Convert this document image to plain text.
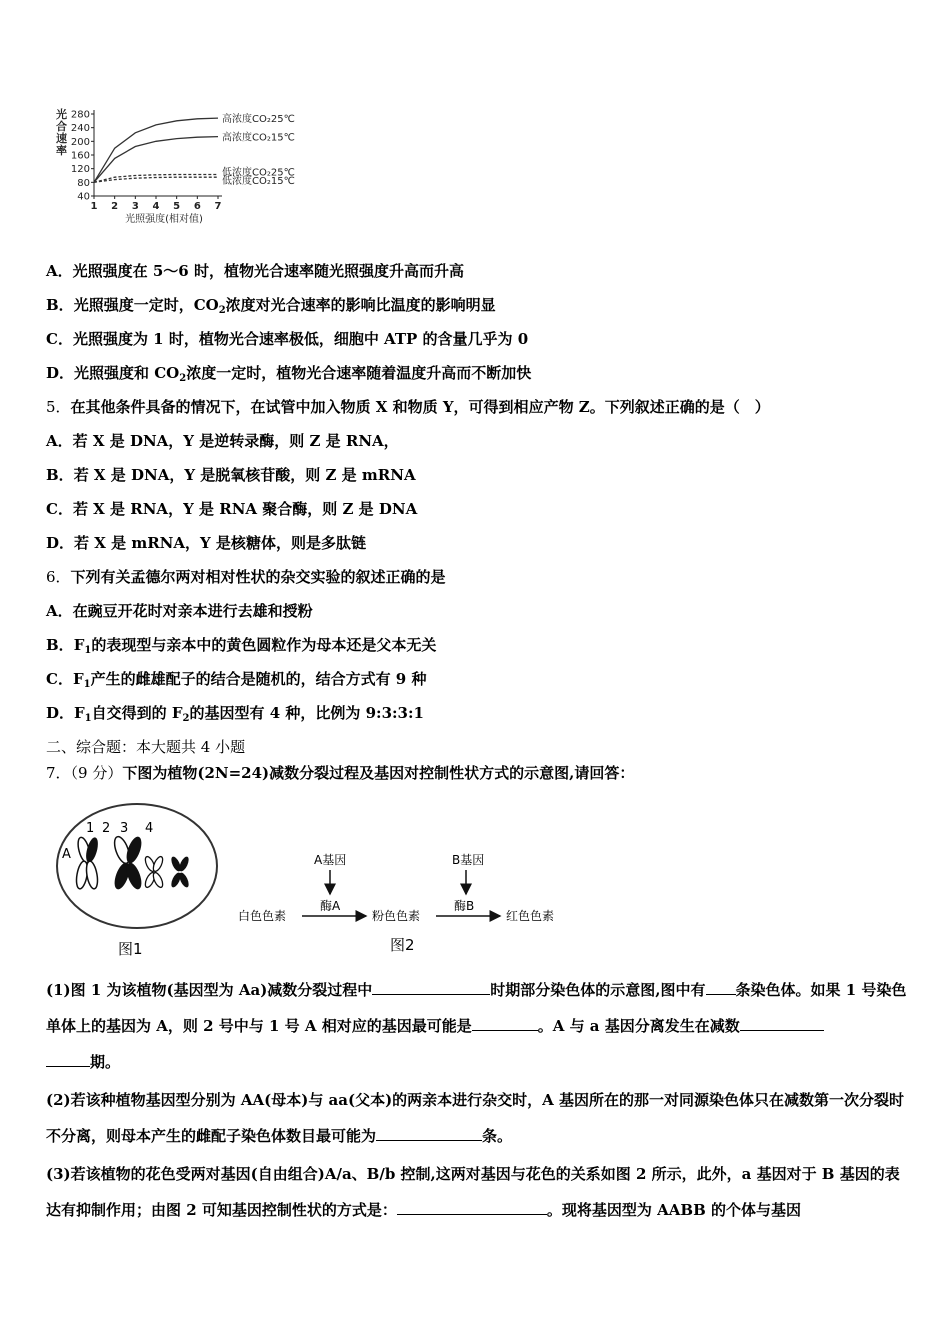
光
合
速
率
280
240
200
160
120
80
40
1 2 3 4 5 6 7
光照强度(相对值)
高浓度CO₂25℃
高浓度CO₂15℃
低浓度CO₂25℃
低浓度CO₂15℃
A．光照强度在 5～6 时，植物光合速率随光照强度升高而升高
B．光照强度一定时，$CO_2$浓度对光合速率的影响比温度的影响明显
C．光照强度为 1 时，植物光合速率极低，细胞中 ATP 的含量几乎为 0
D．光照强度和 $CO_2$浓度一定时，植物光合速率随着温度升高而不断加快
5．在其他条件具备的情况下，在试管中加入物质 X 和物质 Y，可得到相应产物 Z。下列叙述正确的是（　）
A．若 X 是 DNA，Y 是逆转录酶，则 Z 是 RNA，
B．若 X 是 DNA，Y 是脱氧核苷酸，则 Z 是 mRNA
C．若 X 是 RNA，Y 是 RNA 聚合酶，则 Z 是 DNA
D．若 X 是 mRNA，Y 是核糖体，则是多肽链
6．下列有关孟德尔两对相对性状的杂交实验的叙述正确的是
A．在豌豆开花时对亲本进行去雄和授粉
B．$F_1$的表现型与亲本中的黄色圆粒作为母本还是父本无关
C．$F_1$产生的雌雄配子的结合是随机的，结合方式有 9 种
D．$F_1$自交得到的 $F_2$的基因型有 4 种，比例为 9:3:3:1
二、综合题：本大题共 4 小题
7．（9 分）下图为植物(2N=24)减数分裂过程及基因对控制性状方式的示意图,请回答：
1 2 3 4
A
图1
A基因	B基因
酶A	酶B
白色色素	粉色色素	红色色素
图2
(1)图 1 为该植物(基因型为 Aa)减数分裂过程中	时期部分染色体的示意图,图中有 条染色体。如果 1 号染色单体上的基因为 A，则 2 号中与 1 号 A 相对应的基因最可能是	。A 与 a 基因分离发生在减数
期。
(2)若该种植物基因型分别为 AA(母本)与 aa(父本)的两亲本进行杂交时，A 基因所在的那一对同源染色体只在减数第一次分裂时不分离，则母本产生的雌配子染色体数目最可能为	条。
(3)若该植物的花色受两对基因(自由组合)A/a、B/b 控制,这两对基因与花色的关系如图 2 所示，此外，a 基因对于 B 基因的表达有抑制作用；由图 2 可知基因控制性状的方式是：	。现将基因型为 AABB 的个体与基因
